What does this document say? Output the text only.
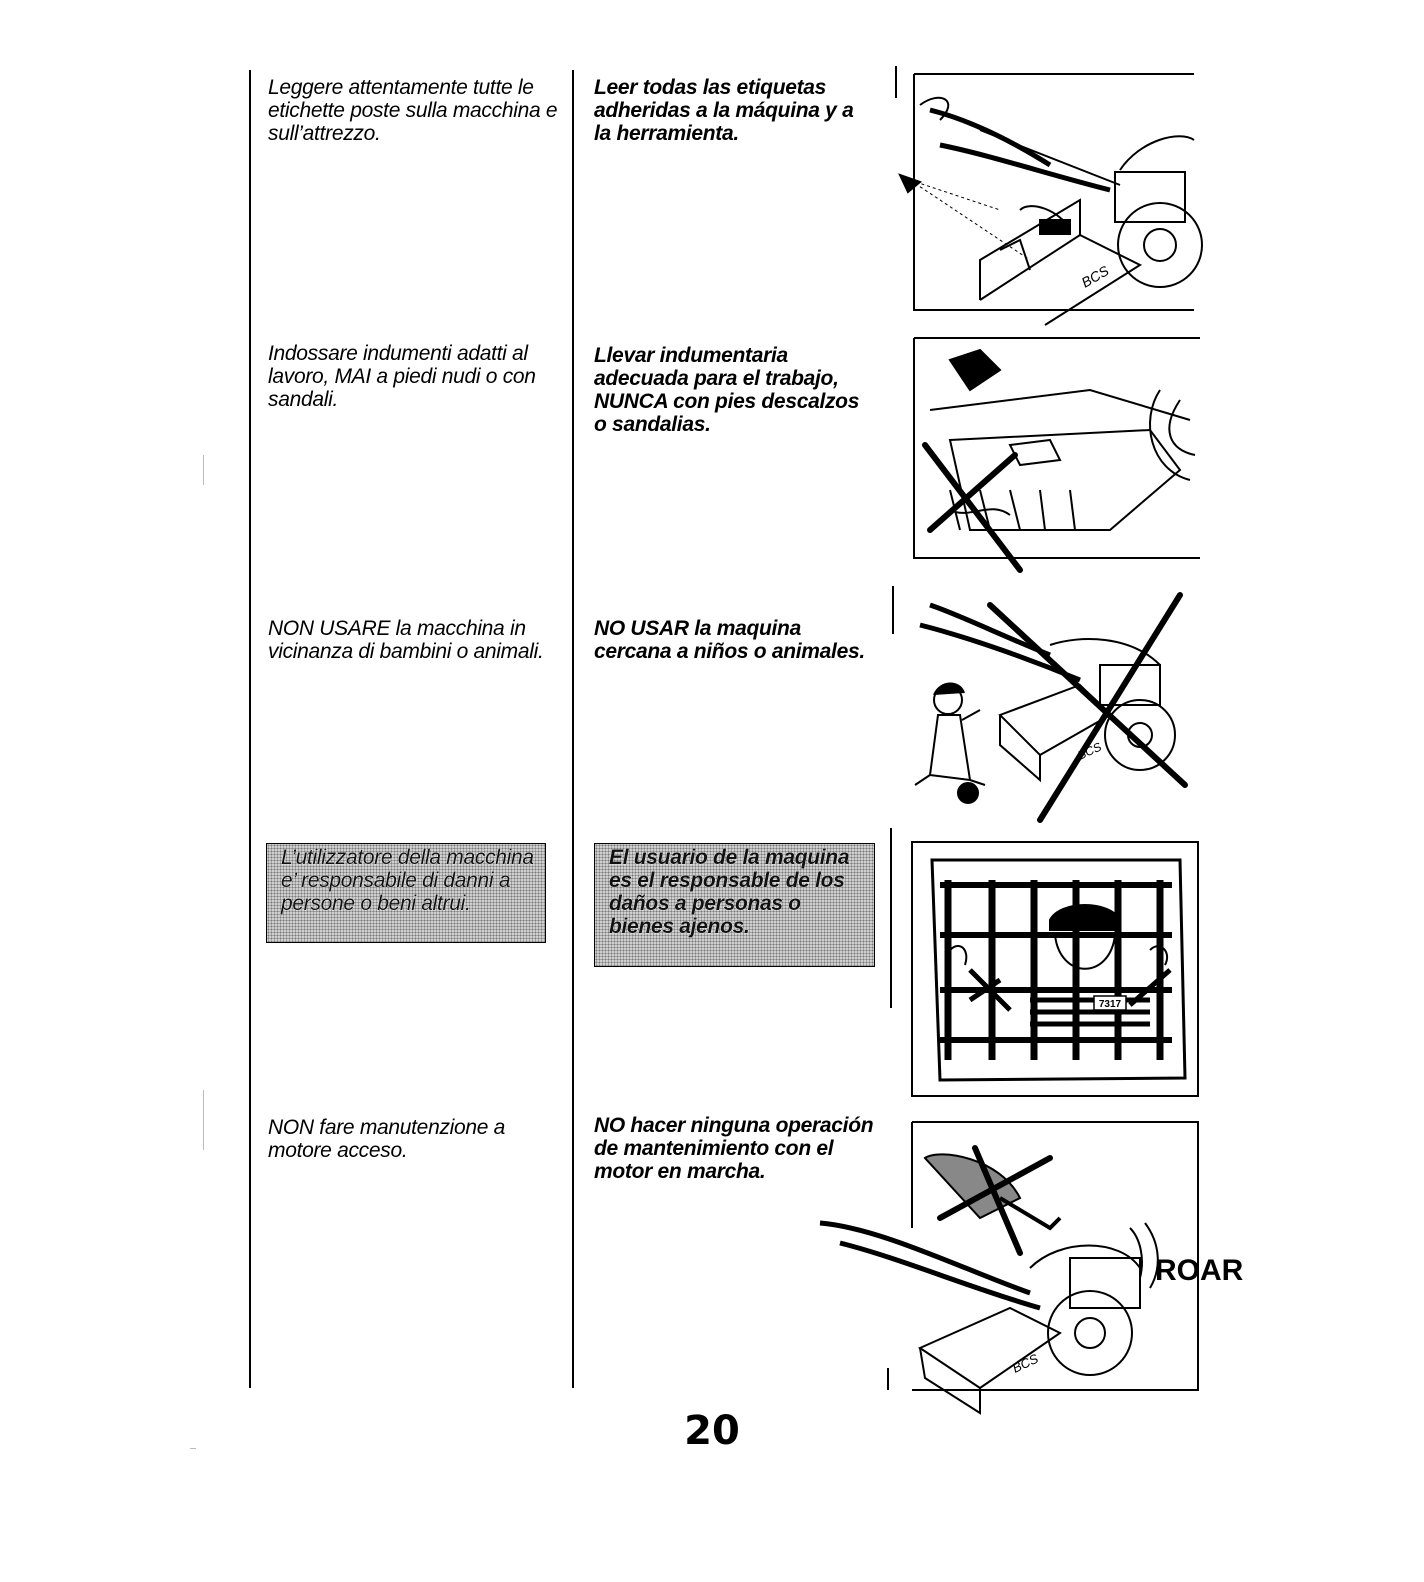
Leggere attentamente tutte le etichette poste sulla macchina e sull’attrezzo.
Leer todas las etiquetas adheridas a la máquina y a la herramienta.
Indossare indumenti adatti al lavoro, MAI a piedi nudi o con sandali.
Llevar indumentaria adecuada para el trabajo, NUNCA con pies descalzos o sandalias.
NON USARE la macchina in vicinanza di bambini o animali.
NO USAR la maquina cercana a niños o animales.
L’utilizzatore della macchina e’ responsabile di danni a persone o beni altrui.
El usuario de la maquina es el responsable de los daños a personas o bienes ajenos.
NON fare manutenzione a motore acceso.
NO hacer ninguna operación de mantenimiento con el motor en marcha.
BCS
BCS
7317
BCS
ROAR
20
